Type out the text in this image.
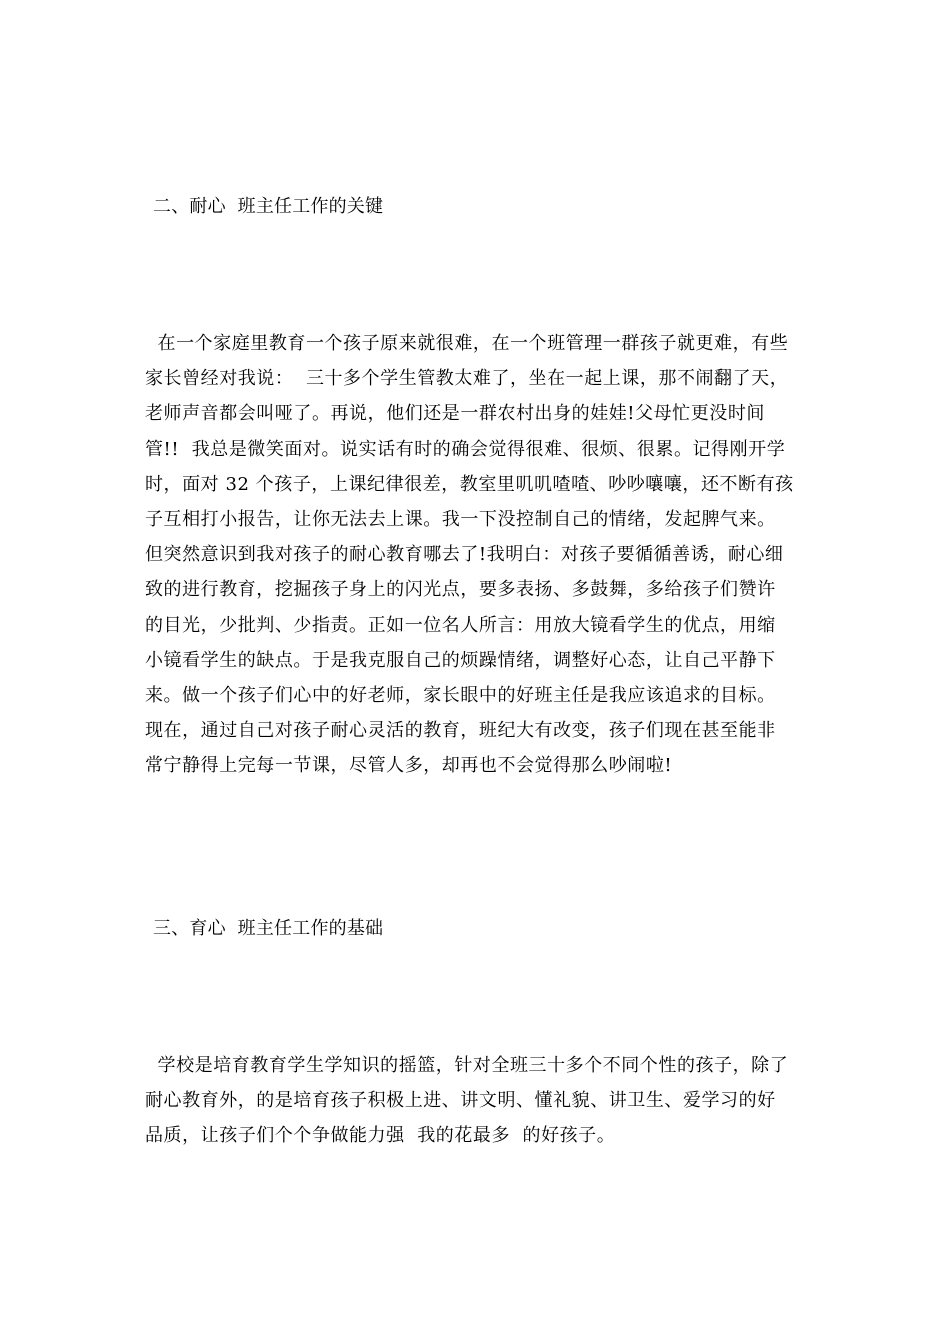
二、耐心  班主任工作的关键
在一个家庭里教育一个孩子原来就很难，在一个班管理一群孩子就更难，有些
家长曾经对我说：  三十多个学生管教太难了，坐在一起上课，那不闹翻了天，
老师声音都会叫哑了。再说，他们还是一群农村出身的娃娃!父母忙更没时间
管!!  我总是微笑面对。说实话有时的确会觉得很难、很烦、很累。记得刚开学
时，面对 32 个孩子，上课纪律很差，教室里叽叽喳喳、吵吵嚷嚷，还不断有孩
子互相打小报告，让你无法去上课。我一下没控制自己的情绪，发起脾气来。
但突然意识到我对孩子的耐心教育哪去了!我明白：对孩子要循循善诱，耐心细
致的进行教育，挖掘孩子身上的闪光点，要多表扬、多鼓舞，多给孩子们赞许
的目光，少批判、少指责。正如一位名人所言：用放大镜看学生的优点，用缩
小镜看学生的缺点。于是我克服自己的烦躁情绪，调整好心态，让自己平静下
来。做一个孩子们心中的好老师，家长眼中的好班主任是我应该追求的目标。
现在，通过自己对孩子耐心灵活的教育，班纪大有改变，孩子们现在甚至能非
常宁静得上完每一节课，尽管人多，却再也不会觉得那么吵闹啦!
三、育心  班主任工作的基础
学校是培育教育学生学知识的摇篮，针对全班三十多个不同个性的孩子，除了
耐心教育外，的是培育孩子积极上进、讲文明、懂礼貌、讲卫生、爱学习的好
品质，让孩子们个个争做能力强  我的花最多  的好孩子。
